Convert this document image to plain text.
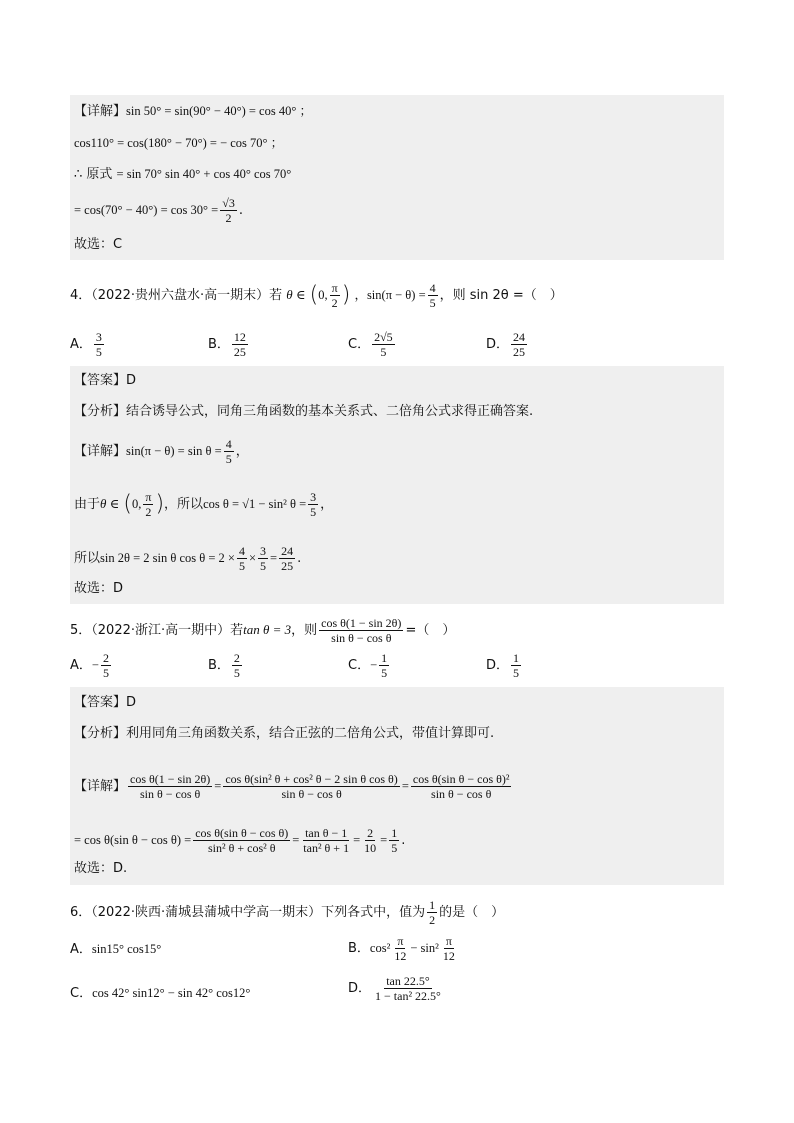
【详解】sin 50° = sin(90° − 40°) = cos 40° ；
cos110° = cos(180° − 70°) = − cos 70° ；
∴ 原式 = sin 70° sin 40° + cos 40° cos 70°
= $\cos(70^\circ - 40^\circ) = \cos 30^\circ = \frac{√3}{2}$ .
故选：C
4．（2022·贵州六盘水·高一期末）若 θ ∈ (0, $\frac{\pi}{2}$ ) ，$\sin(\pi - \theta) = \frac{4}{5}$ ，则 sin 2θ =（　）
A． $\frac{3}{5}$	B． $\frac{12}{25}$	C． $\frac{2√5}{5}$	D． $\frac{24}{25}$
【答案】D
【分析】结合诱导公式，同角三角函数的基本关系式、二倍角公式求得正确答案.
【详解】$\sin(\pi - \theta) = \sin \theta = \frac{4}{5}$ ，
由于θ ∈ (0, $\frac{\pi}{2}$ )，所以cos θ = √1 − sin² $\theta = \frac{3}{5}$ ，
所以sin 2θ = 2 sin θ $\cos \theta = 2 \times \frac{4}{5} \times \frac{3}{5} = \frac{24}{25}$ .
故选：D
5．（2022·浙江·高一期中）若tan θ = 3，则 $\frac{\text{cos θ(1 − sin 2θ)}}{\text{sin θ − cos θ}}$ =（　）
A．− $\frac{2}{5}$	B． $\frac{2}{5}$	C．− $\frac{1}{5}$	D． $\frac{1}{5}$
【答案】D
【分析】利用同角三角函数关系，结合正弦的二倍角公式，带值计算即可.
【详解】 $\frac{\text{cos θ(1 − sin 2θ)}}{\text{sin θ − cos θ}} = \frac{\text{cos θ(sin² θ + cos² θ − 2 sin θ cos θ)}}{\text{sin θ − cos θ}} = \frac{\text{cos θ(sin θ − cos θ)²}}{\text{sin θ − cos θ}}$
= cos θ(sin $\theta - \cos \theta) = \frac{\text{cos θ(sin θ − cos θ)}}{\text{sin² θ + cos² θ}} = \frac{\text{tan θ − 1}}{\text{tan² θ + 1}} = \frac{2}{10} = \frac{1}{5}$ .
故选：D.
6．（2022·陕西·蒲城县蒲城中学高一期末）下列各式中，值为 $\frac{1}{2}$ 的是（　）
A．sin15° cos15°	B．$\cos^2 \frac{\pi}{12} - \sin^2 \frac{\pi}{12}$
C．cos 42° sin12° − sin 42° cos12°	D． $\frac{\tan 22.5^\circ}{\text{1 − tan² 22.5°}}$
